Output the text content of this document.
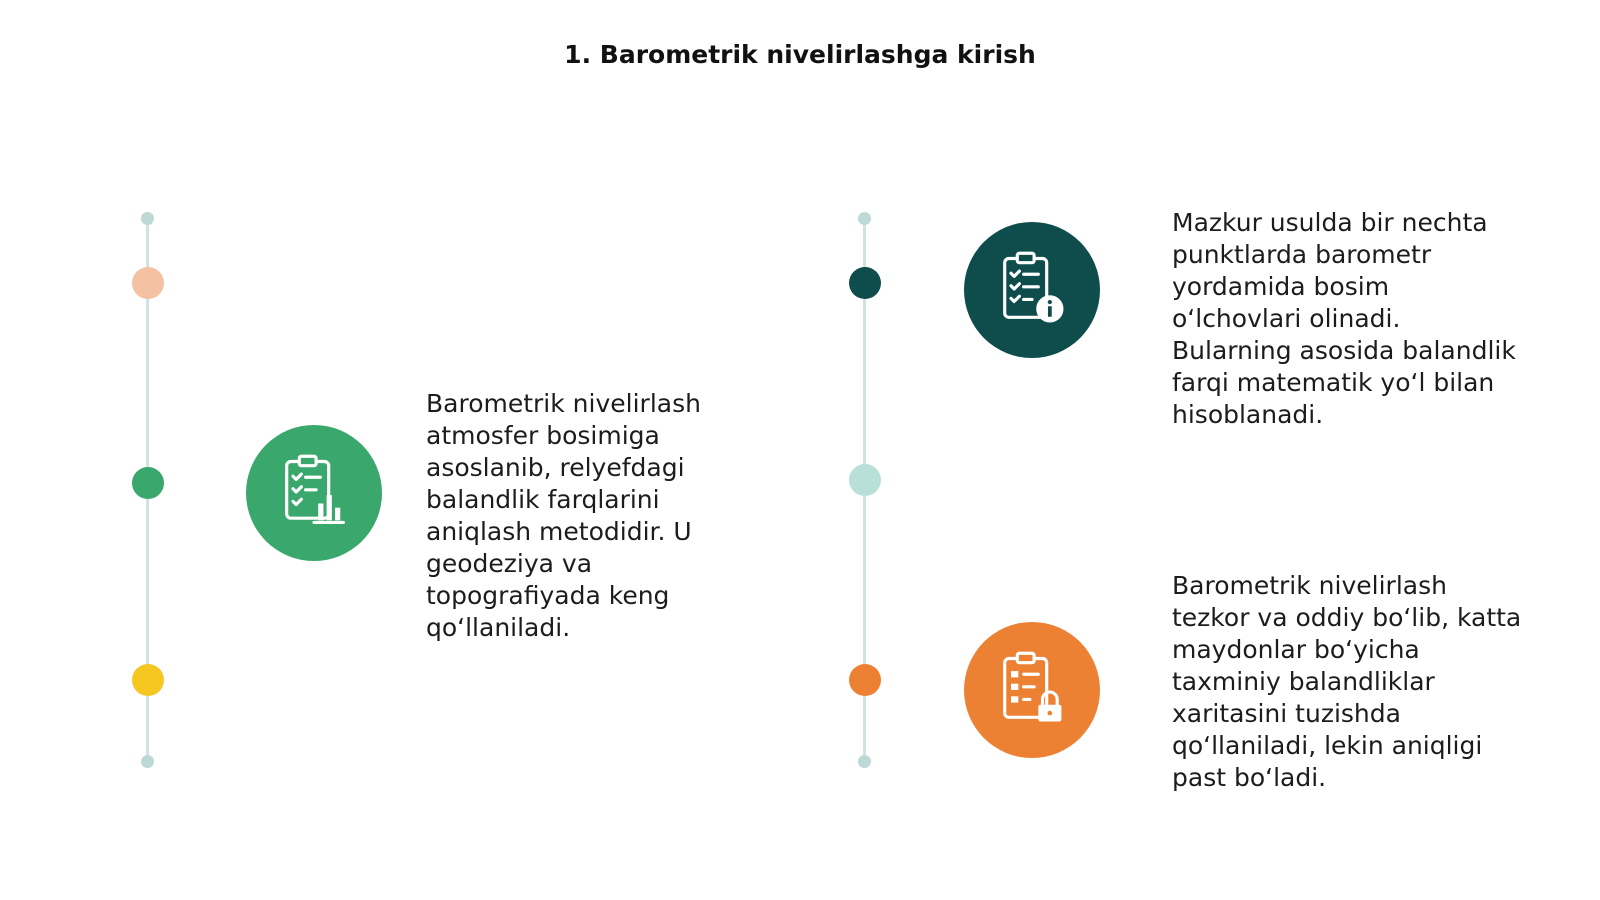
1. Barometrik nivelirlashga kirish
Barometrik nivelirlash
atmosfer bosimiga
asoslanib, relyefdagi
balandlik farqlarini
aniqlash metodidir. U
geodeziya va
topografiyada keng
qo‘llaniladi.
Mazkur usulda bir nechta
punktlarda barometr
yordamida bosim
o‘lchovlari olinadi.
Bularning asosida balandlik
farqi matematik yo‘l bilan
hisoblanadi.
Barometrik nivelirlash
tezkor va oddiy bo‘lib, katta
maydonlar bo‘yicha
taxminiy balandliklar
xaritasini tuzishda
qo‘llaniladi, lekin aniqligi
past bo‘ladi.
